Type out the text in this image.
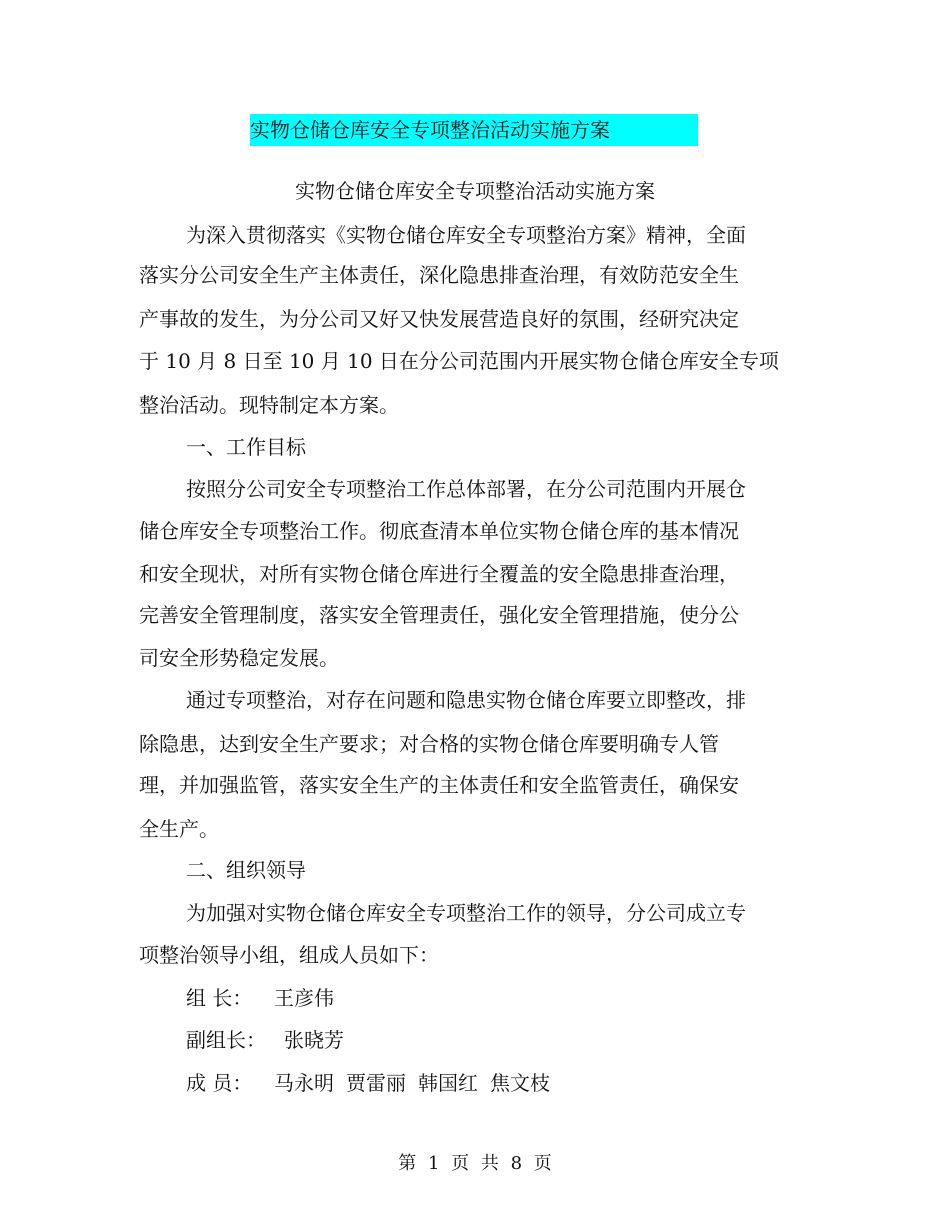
实物仓储仓库安全专项整治活动实施方案
实物仓储仓库安全专项整治活动实施方案
为深入贯彻落实《实物仓储仓库安全专项整治方案》精神，全面
落实分公司安全生产主体责任，深化隐患排查治理，有效防范安全生
产事故的发生，为分公司又好又快发展营造良好的氛围，经研究决定
于 10 月 8 日至 10 月 10 日在分公司范围内开展实物仓储仓库安全专项
整治活动。现特制定本方案。
一、工作目标
按照分公司安全专项整治工作总体部署，在分公司范围内开展仓
储仓库安全专项整治工作。彻底查清本单位实物仓储仓库的基本情况
和安全现状，对所有实物仓储仓库进行全覆盖的安全隐患排查治理，
完善安全管理制度，落实安全管理责任，强化安全管理措施，使分公
司安全形势稳定发展。
通过专项整治，对存在问题和隐患实物仓储仓库要立即整改，排
除隐患，达到安全生产要求；对合格的实物仓储仓库要明确专人管
理，并加强监管，落实安全生产的主体责任和安全监管责任，确保安
全生产。
二、组织领导
为加强对实物仓储仓库安全专项整治工作的领导，分公司成立专
项整治领导小组，组成人员如下：
组 长： 王彦伟
副组长： 张晓芳
成 员： 马永明 贾雷丽 韩国红 焦文枝
第 1 页 共 8 页
